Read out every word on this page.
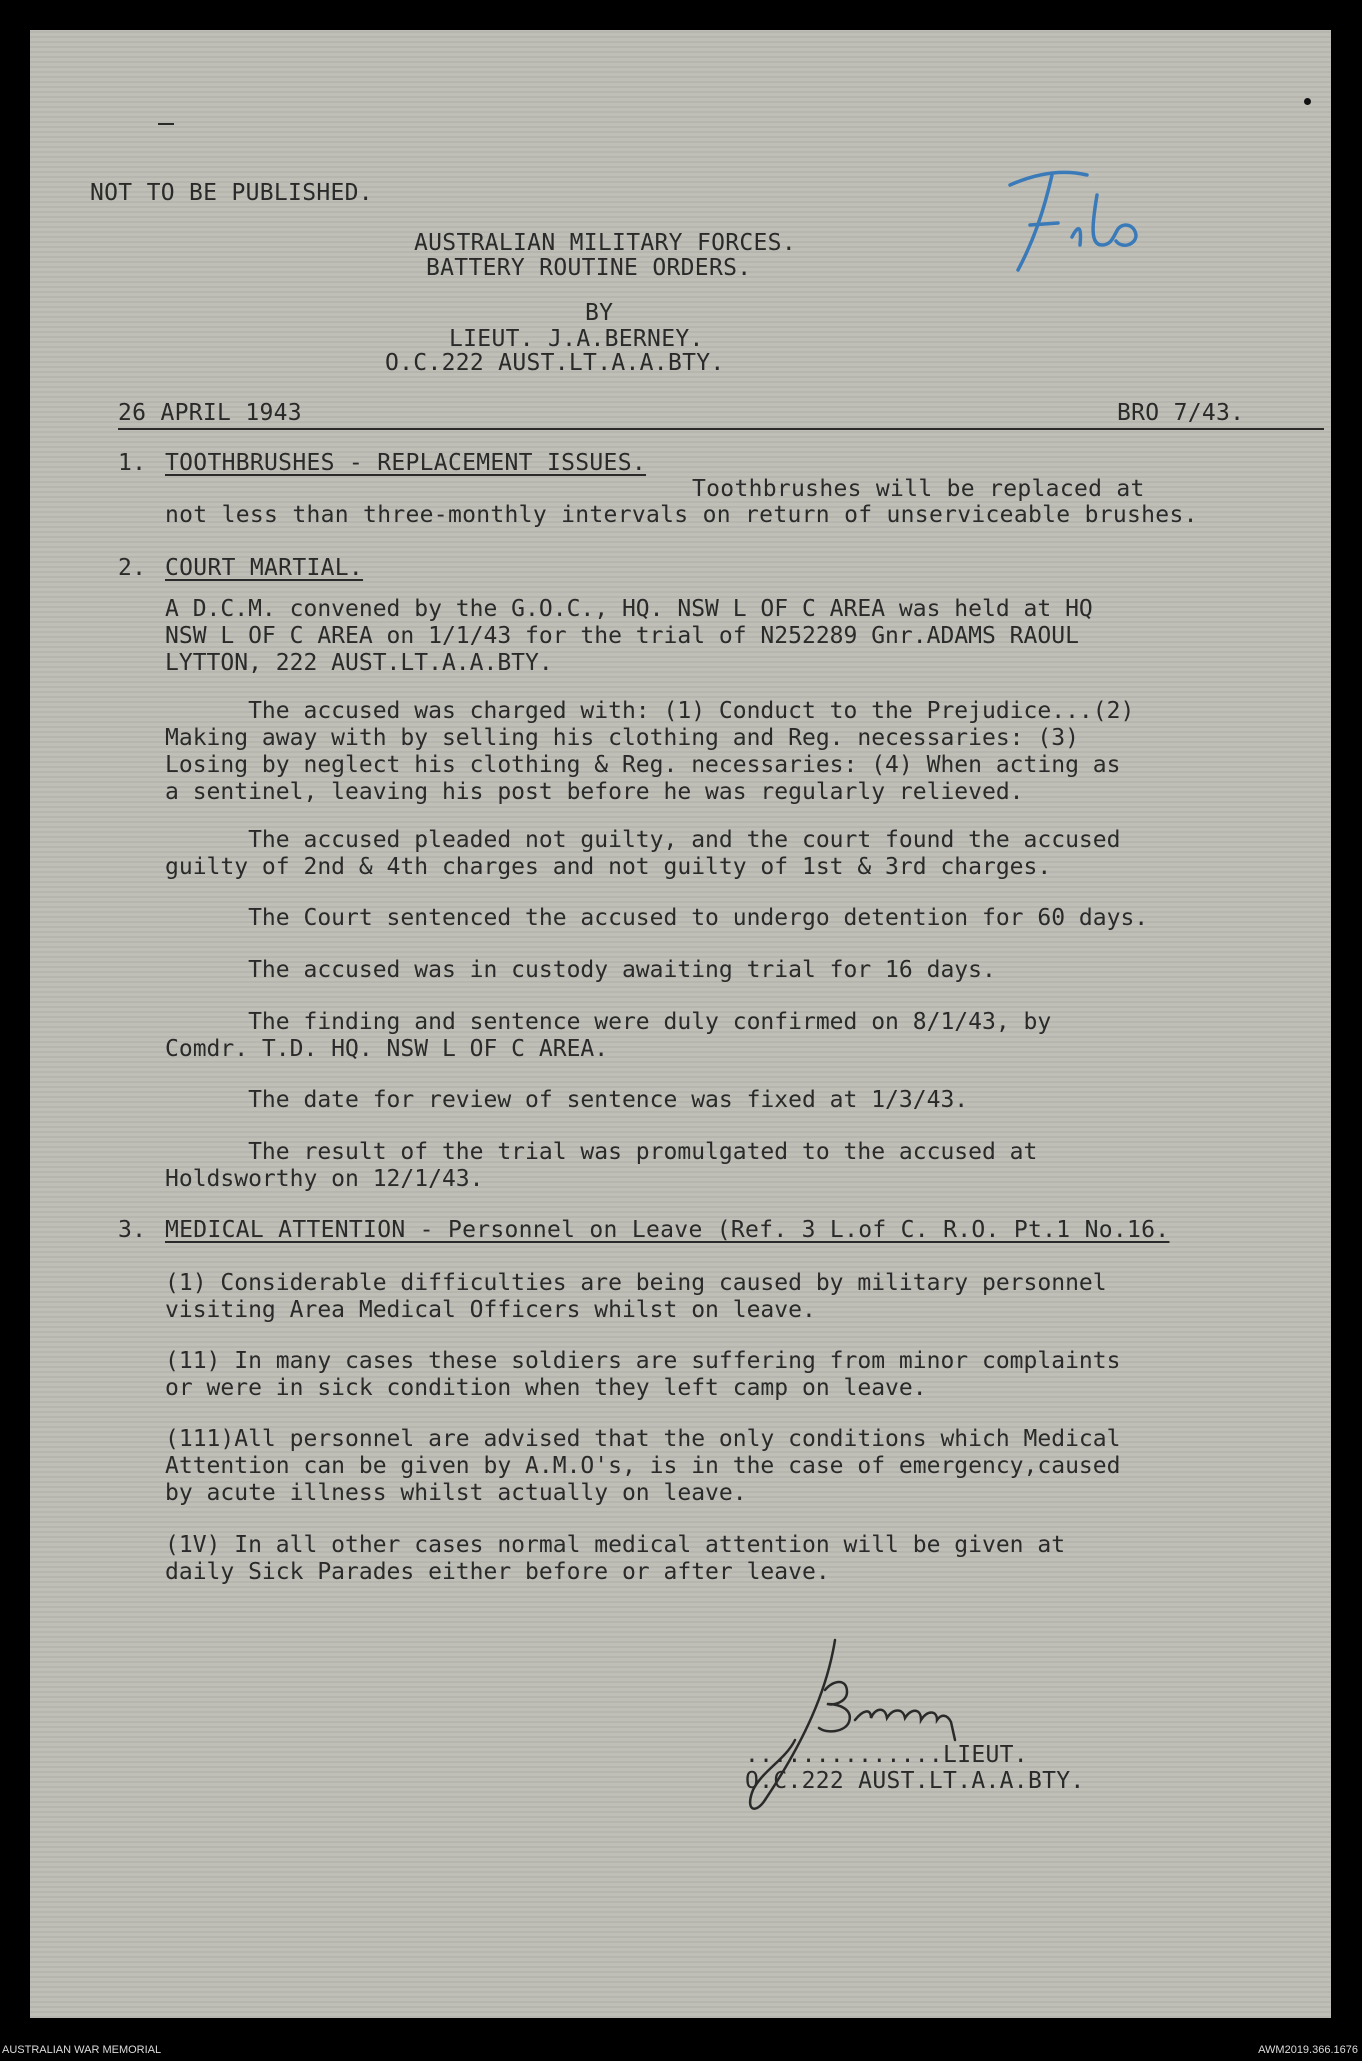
NOT TO BE PUBLISHED.
AUSTRALIAN MILITARY FORCES.
BATTERY ROUTINE ORDERS.
BY
LIEUT. J.A.BERNEY.
O.C.222 AUST.LT.A.A.BTY.
26 APRIL 1943	BRO 7/43.
1. TOOTHBRUSHES - REPLACEMENT ISSUES.
Toothbrushes will be replaced at
not less than three-monthly intervals on return of unserviceable brushes.
2. COURT MARTIAL.

A D.C.M. convened by the G.O.C., HQ. NSW L OF C AREA was held at HQ

NSW L OF C AREA on 1/1/43 for the trial of N252289 Gnr.ADAMS RAOUL

LYTTON, 222 AUST.LT.A.A.BTY.

The accused was charged with: (1) Conduct to the Prejudice...(2)

Making away with by selling his clothing and Reg. necessaries: (3)

Losing by neglect his clothing & Reg. necessaries: (4) When acting as

a sentinel, leaving his post before he was regularly relieved.

The accused pleaded not guilty, and the court found the accused

guilty of 2nd & 4th charges and not guilty of 1st & 3rd charges.

The Court sentenced the accused to undergo detention for 60 days.

The accused was in custody awaiting trial for 16 days.

The finding and sentence were duly confirmed on 8/1/43, by

Comdr. T.D. HQ. NSW L OF C AREA.

The date for review of sentence was fixed at 1/3/43.

The result of the trial was promulgated to the accused at

Holdsworthy on 12/1/43.

3. MEDICAL ATTENTION - Personnel on Leave (Ref. 3 L.of C. R.O. Pt.1 No.16.

(1) Considerable difficulties are being caused by military personnel

visiting Area Medical Officers whilst on leave.

(11) In many cases these soldiers are suffering from minor complaints

or were in sick condition when they left camp on leave.

(111)All personnel are advised that the only conditions which Medical

Attention can be given by A.M.O's, is in the case of emergency,caused

by acute illness whilst actually on leave.

(1V) In all other cases normal medical attention will be given at

daily Sick Parades either before or after leave.

..............LIEUT.
O.C.222 AUST.LT.A.A.BTY.
AUSTRALIAN WAR MEMORIAL	AWM2019.366.1676
